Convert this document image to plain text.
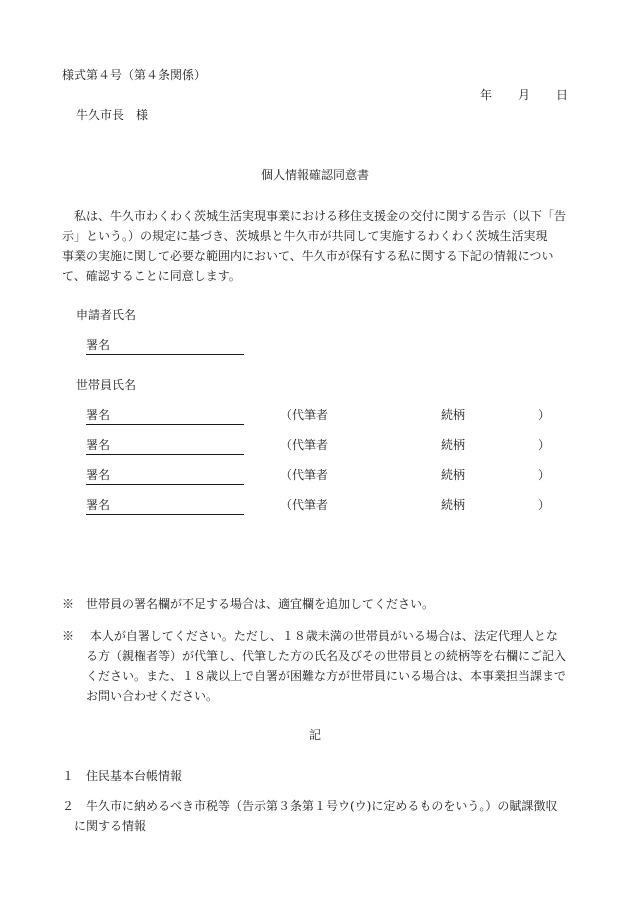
様式第４号（第４条関係）
年 月 日
牛久市長　様
個人情報確認同意書
　私は、牛久市わくわく茨城生活実現事業における移住支援金の交付に関する告示（以下「告
示」という。）の規定に基づき、茨城県と牛久市が共同して実施するわくわく茨城生活実現
事業の実施に関して必要な範囲内において、牛久市が保有する私に関する下記の情報につい
て、確認することに同意します。
申請者氏名
署名
世帯員氏名
署名	（代筆者	続柄	）
署名	（代筆者	続柄	）
署名	（代筆者	続柄	）
署名	（代筆者	続柄	）
※　世帯員の署名欄が不足する場合は、適宜欄を追加してください。
※　 本人が自署してください。ただし、１８歳未満の世帯員がいる場合は、法定代理人とな
　　る方（親権者等）が代筆し、代筆した方の氏名及びその世帯員との続柄等を右欄にご記入
　　ください。また、１８歳以上で自署が困難な方が世帯員にいる場合は、本事業担当課まで
　　お問い合わせください。
記
１　住民基本台帳情報
２　牛久市に納めるべき市税等（告示第３条第１号ウ(ウ)に定めるものをいう。）の賦課徴収
　に関する情報
